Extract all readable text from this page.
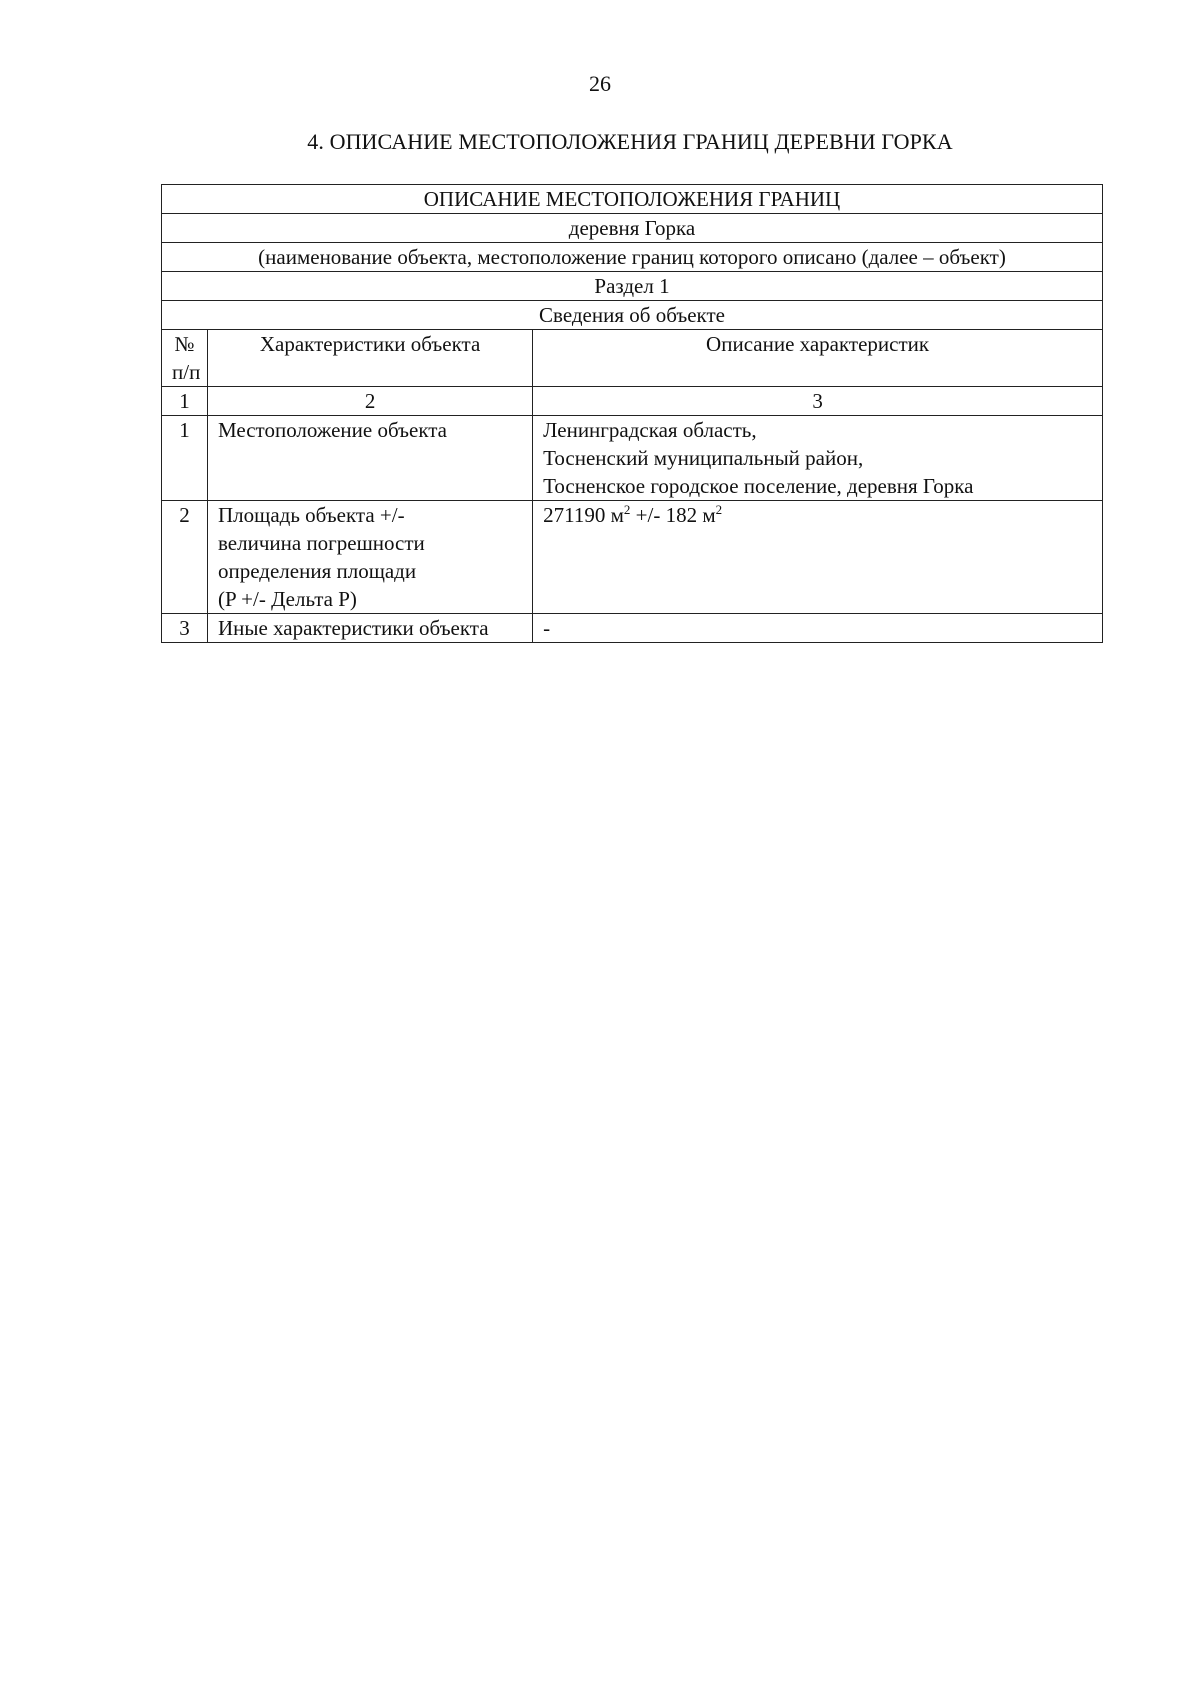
26
4. ОПИСАНИЕ МЕСТОПОЛОЖЕНИЯ ГРАНИЦ ДЕРЕВНИ ГОРКА
ОПИСАНИЕ МЕСТОПОЛОЖЕНИЯ ГРАНИЦ		
деревня Горка		
(наименование объекта, местоположение границ которого описано (далее – объект)		
Раздел 1		
Сведения об объекте		

№
п/п	Характеристики объекта	Описание характеристик
1	2	3
1	Местоположение объекта	Ленинградская область,
Тосненский муниципальный район,
Тосненское городское поселение, деревня Горка

2	Площадь объекта +/-
величина погрешности
определения площади
(P +/- Дельта P)	271190 $м^2$ +/- 182 $м^2$

3	Иные характеристики объекта	-
